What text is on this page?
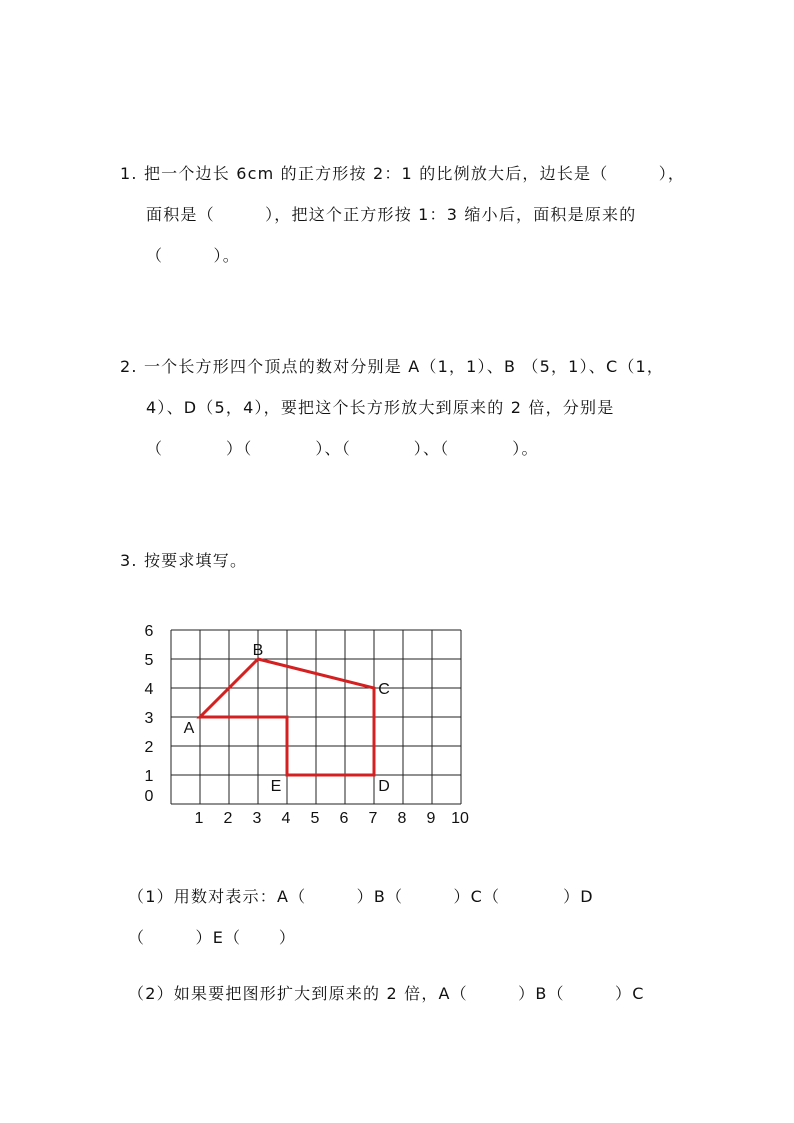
1. 把一个边长 6cm 的正方形按 2：1 的比例放大后，边长是（        ），
面积是（        ），把这个正方形按 1：3 缩小后，面积是原来的
（        ）。
2. 一个长方形四个顶点的数对分别是 A（1，1）、B （5，1）、C（1，
4）、D（5，4），要把这个长方形放大到原来的 2 倍，分别是
（          ）（          ）、（          ）、（          ）。
3. 按要求填写。
0
1
2
3
4
5
6
1 2 3 4 5 6 7 8 9 10
A
B
C
D
E
（1）用数对表示：A（        ）B（        ）C（          ）D
（        ）E（      ）
（2）如果要把图形扩大到原来的 2 倍，A（        ）B（        ）C
